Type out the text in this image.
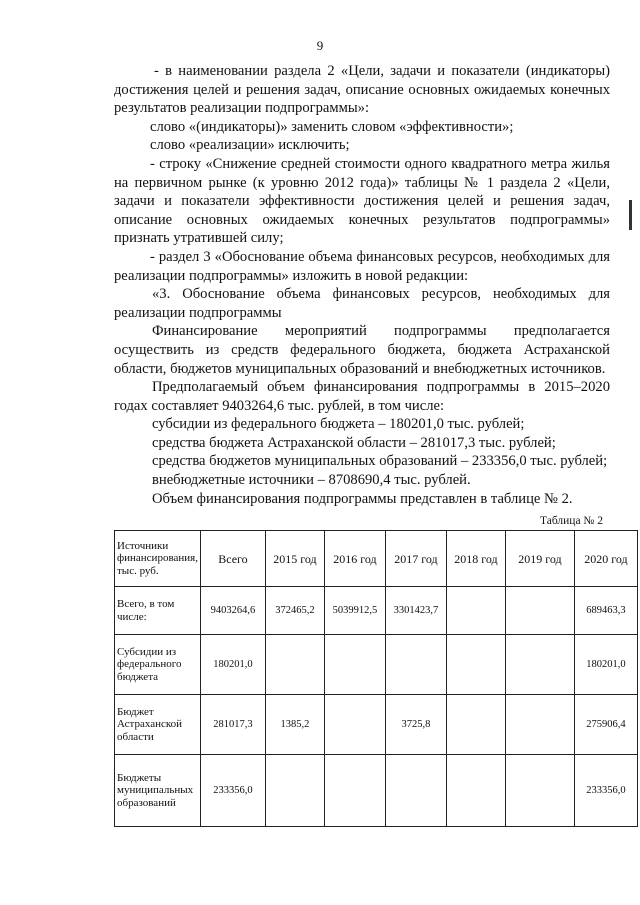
9

- в наименовании раздела 2 «Цели, задачи и показатели (индикаторы) достижения целей и решения задач, описание основных ожидаемых конечных результатов реализации подпрограммы»:

слово «(индикаторы)» заменить словом «эффективности»;

слово «реализации» исключить;

- строку «Снижение средней стоимости одного квадратного метра жилья на первичном рынке (к уровню 2012 года)» таблицы № 1 раздела 2 «Цели, задачи и показатели эффективности достижения целей и решения задач, описание основных ожидаемых конечных результатов подпрограммы» признать утратившей силу;

- раздел 3 «Обоснование объема финансовых ресурсов, необходимых для реализации подпрограммы» изложить в новой редакции:

«3. Обоснование объема финансовых ресурсов, необходимых для реализации подпрограммы

Финансирование мероприятий подпрограммы предполагается осуществить из средств федерального бюджета, бюджета Астраханской области, бюджетов муниципальных образований и внебюджетных источников.

Предполагаемый объем финансирования подпрограммы в 2015–2020 годах составляет 9403264,6 тыс. рублей, в том числе:

субсидии из федерального бюджета – 180201,0 тыс. рублей;

средства бюджета Астраханской области – 281017,3 тыс. рублей;

средства бюджетов муниципальных образований – 233356,0 тыс. рублей;

внебюджетные источники – 8708690,4 тыс. рублей.

Объем финансирования подпрограммы представлен в таблице № 2.

Таблица № 2
Источники финансирования, тыс. руб.	Всего	2015 год	2016 год	2017 год	2018 год	2019 год	2020 год
Всего, в том числе:	9403264,6	372465,2	5039912,5	3301423,7			689463,3
Субсидии из федерального бюджета	180201,0						180201,0
Бюджет Астраханской области	281017,3	1385,2		3725,8			275906,4
Бюджеты муниципальных образований	233356,0						233356,0
